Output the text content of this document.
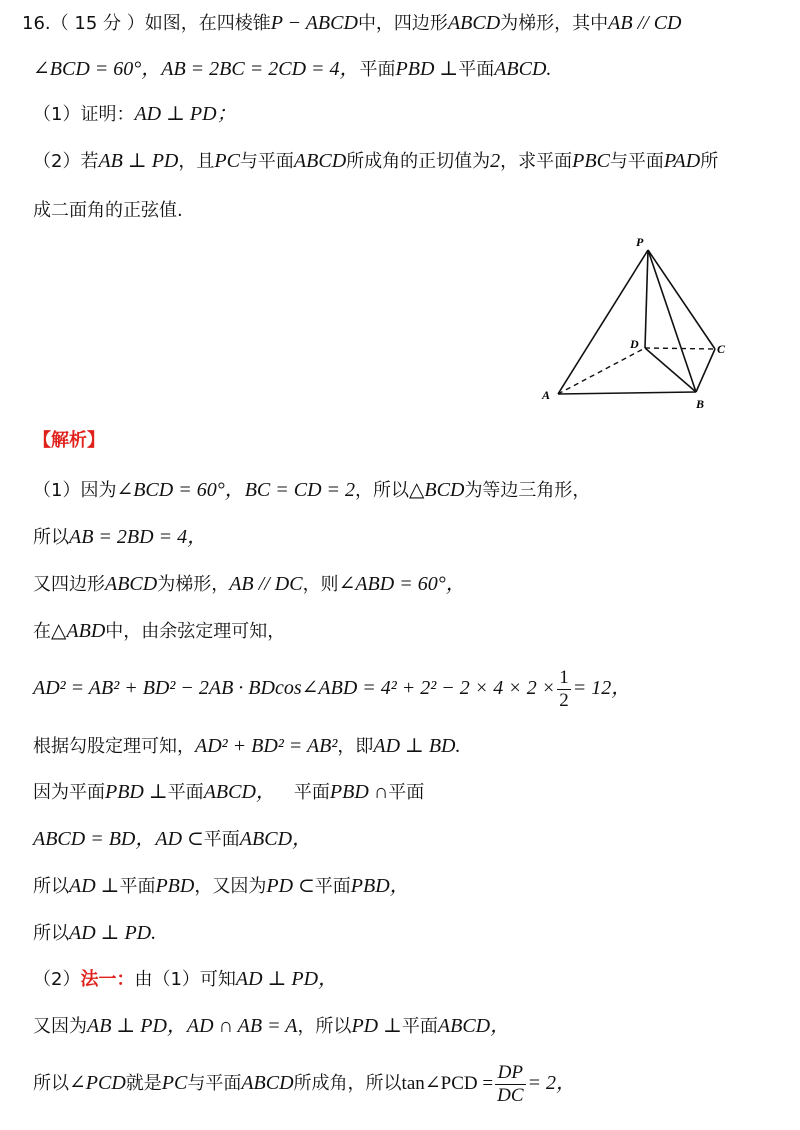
16.（ 15 分 ）如图，在四棱锥P − ABCD中，四边形ABCD为梯形，其中AB // CD
∠BCD = 60°，AB = 2BC = 2CD = 4，平面PBD ⊥平面ABCD.
（1）证明：AD ⊥ PD；
（2）若AB ⊥ PD，且PC与平面ABCD所成角的正切值为2，求平面PBC与平面PAD所
成二面角的正弦值.
P
A
B
C
D
【解析】
（1）因为∠BCD = 60°，BC = CD = 2，所以△BCD为等边三角形，
所以AB = 2BD = 4，
又四边形ABCD为梯形，AB // DC，则∠ABD = 60°，
在△ABD中，由余弦定理可知，
AD² = AB² + BD² − 2AB · BDcos∠ABD = $4^2 + 2^2 - 2 \times 4 \times 2 \times \frac{1}{2} = 12$，
根据勾股定理可知，AD² + BD² = AB²，即AD ⊥ BD.
因为平面PBD ⊥平面ABCD， 平面PBD ∩平面
ABCD = BD，AD ⊂平面ABCD，
所以AD ⊥平面PBD，又因为PD ⊂平面PBD，
所以AD ⊥ PD.
（2）法一：由（1）可知AD ⊥ PD，
又因为AB ⊥ PD，AD ∩ AB = A，所以PD ⊥平面ABCD，
所以∠PCD就是PC与平面ABCD所成角，所以tan∠PCD = $\frac{DP}{DC} = 2$，
